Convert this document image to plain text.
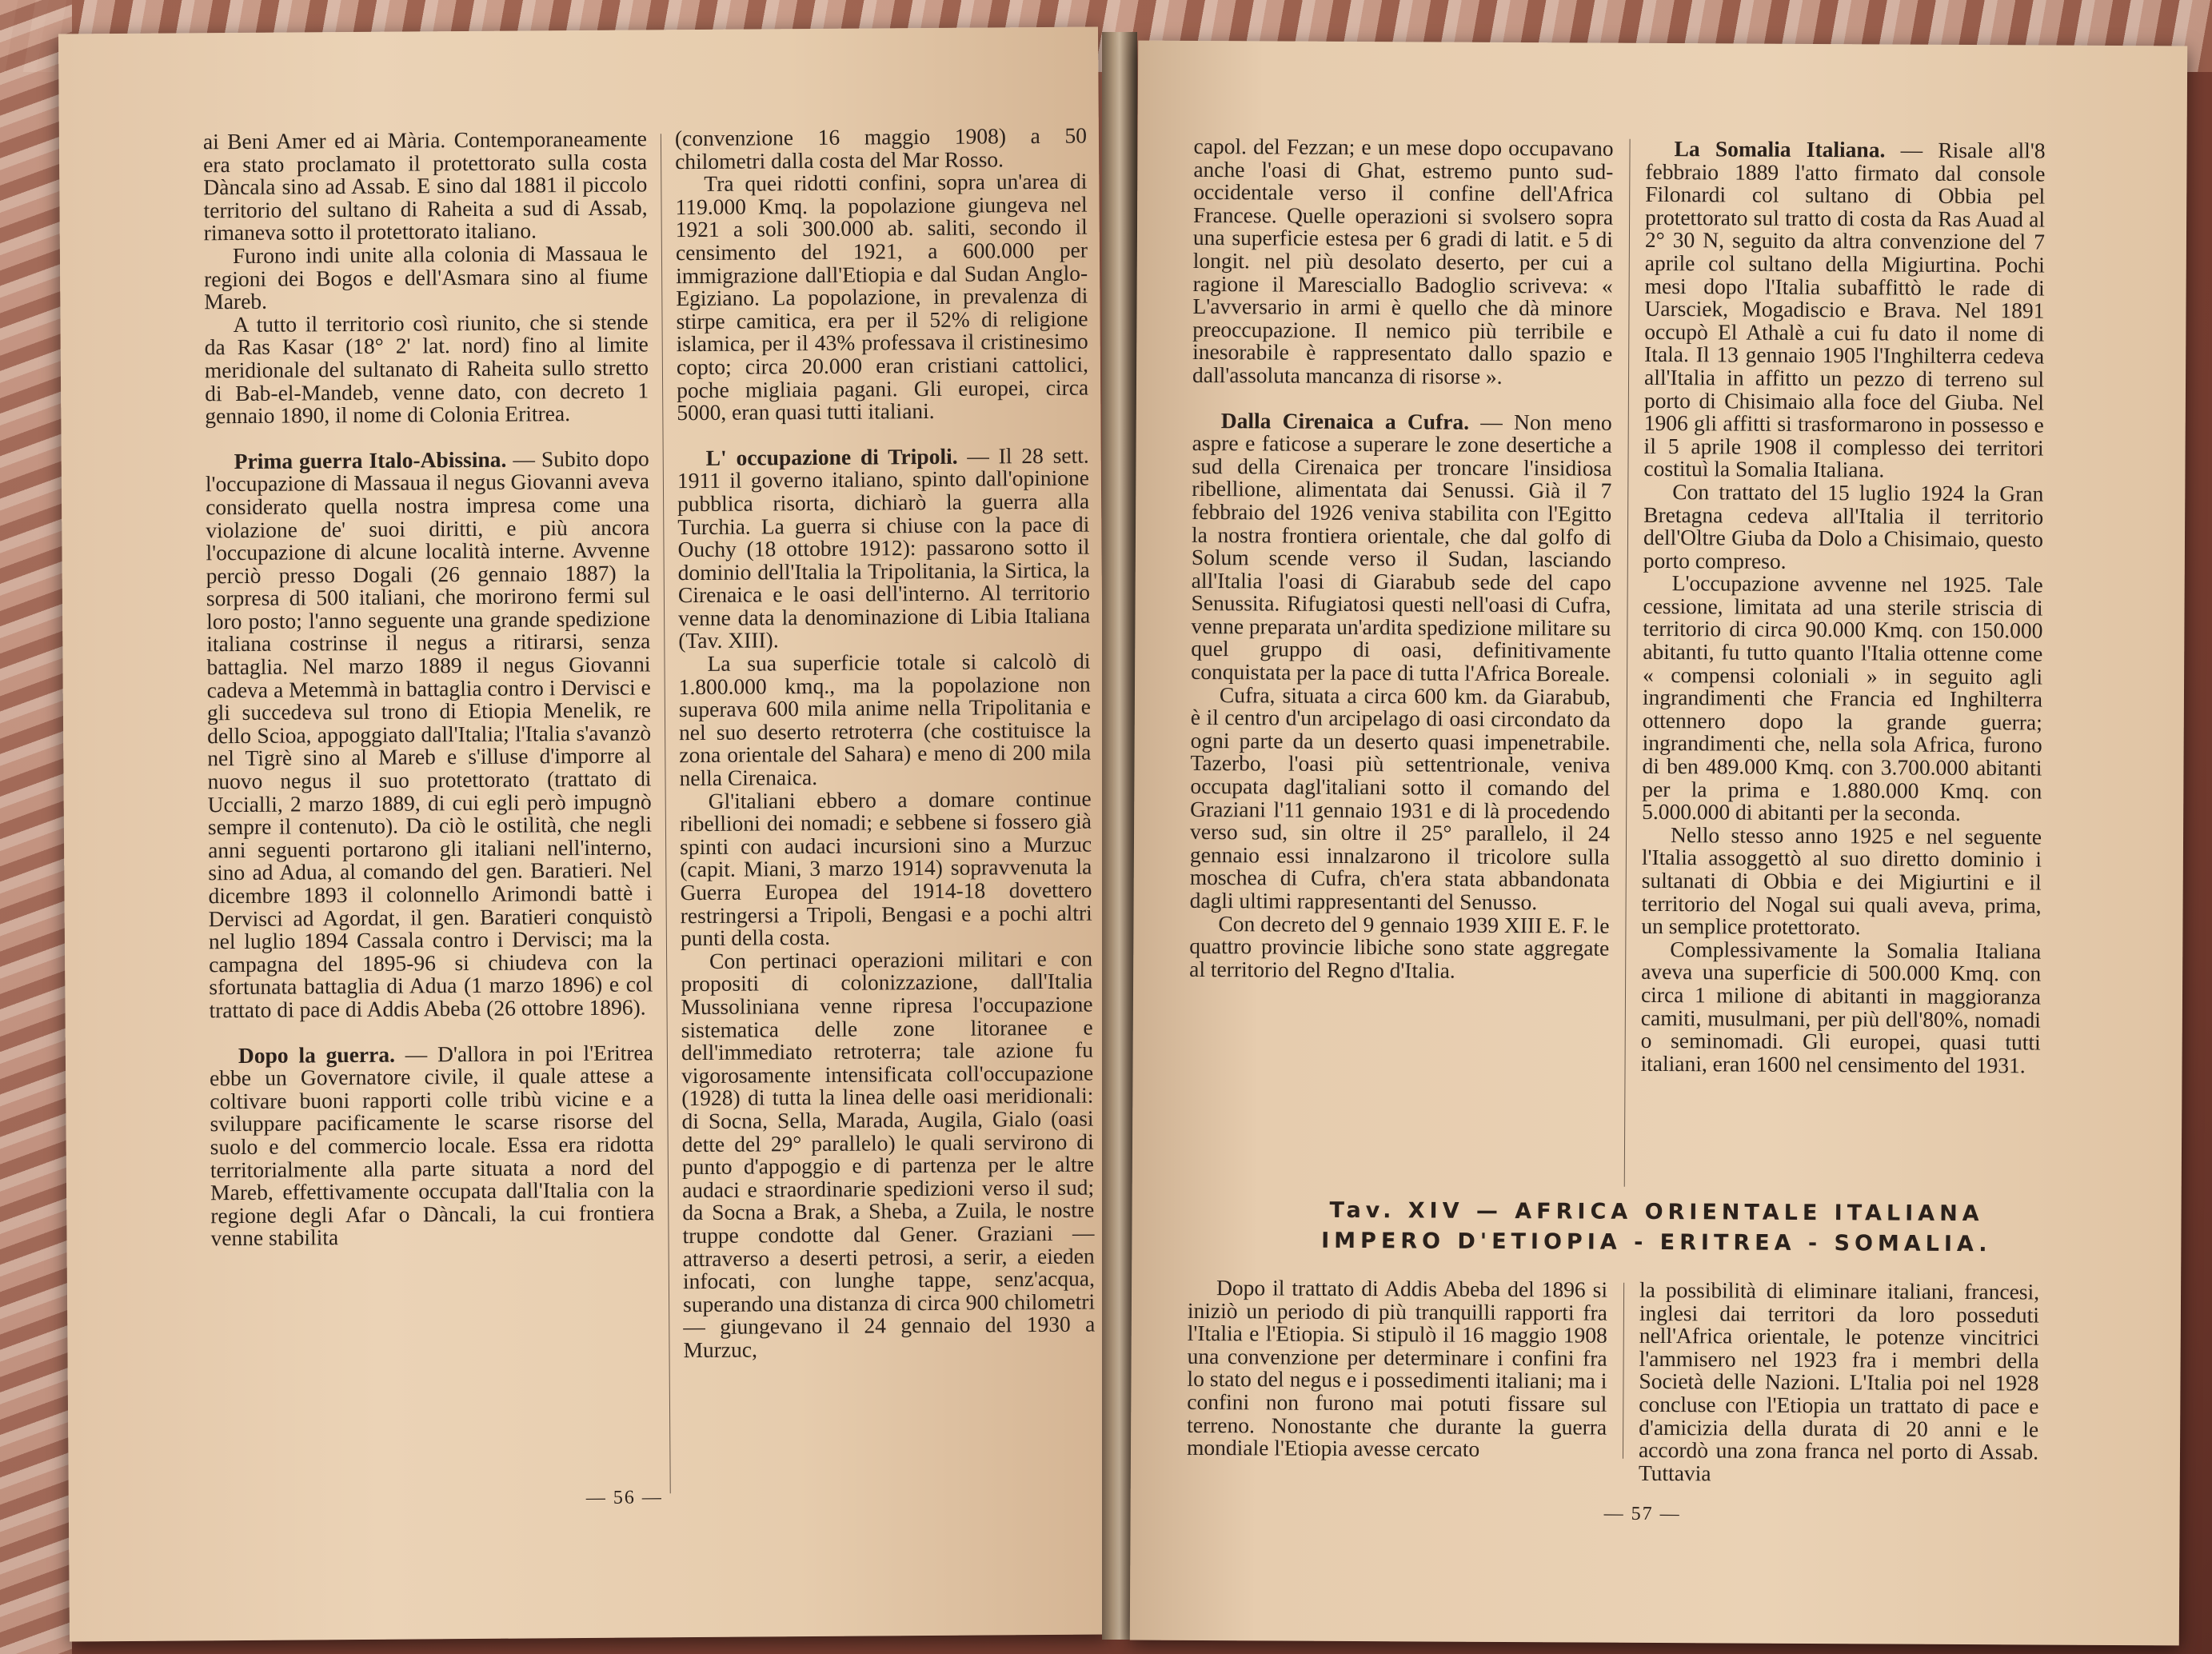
ai Beni Amer ed ai Mària. Contemporaneamente era stato proclamato il protettorato sulla costa Dàncala sino ad Assab. E sino dal 1881 il piccolo territorio del sultano di Raheita a sud di Assab, rimaneva sotto il protettorato italiano.

Furono indi unite alla colonia di Massaua le regioni dei Bogos e dell'Asmara sino al fiume Mareb.

A tutto il territorio così riunito, che si stende da Ras Kasar (18° 2' lat. nord) fino al limite meridionale del sultanato di Raheita sullo stretto di Bab-el-Mandeb, venne dato, con decreto 1 gennaio 1890, il nome di Colonia Eritrea.

Prima guerra Italo-Abissina. — Subito dopo l'occupazione di Massaua il negus Giovanni aveva considerato quella nostra impresa come una violazione de' suoi diritti, e più ancora l'occupazione di alcune località interne. Avvenne perciò presso Dogali (26 gennaio 1887) la sorpresa di 500 italiani, che morirono fermi sul loro posto; l'anno seguente una grande spedizione italiana costrinse il negus a ritirarsi, senza battaglia. Nel marzo 1889 il negus Giovanni cadeva a Metemmà in battaglia contro i Dervisci e gli succedeva sul trono di Etiopia Menelik, re dello Scioa, appoggiato dall'Italia; l'Italia s'avanzò nel Tigrè sino al Mareb e s'illuse d'imporre al nuovo negus il suo protettorato (trattato di Uccialli, 2 marzo 1889, di cui egli però impugnò sempre il contenuto). Da ciò le ostilità, che negli anni seguenti portarono gli italiani nell'interno, sino ad Adua, al comando del gen. Baratieri. Nel dicembre 1893 il colonnello Arimondi battè i Dervisci ad Agordat, il gen. Baratieri conquistò nel luglio 1894 Cassala contro i Dervisci; ma la campagna del 1895-96 si chiudeva con la sfortunata battaglia di Adua (1 marzo 1896) e col trattato di pace di Addis Abeba (26 ottobre 1896).

Dopo la guerra. — D'allora in poi l'Eritrea ebbe un Governatore civile, il quale attese a coltivare buoni rapporti colle tribù vicine e a sviluppare pacificamente le scarse risorse del suolo e del commercio locale. Essa era ridotta territorialmente alla parte situata a nord del Mareb, effettivamente occupata dall'Italia con la regione degli Afar o Dàncali, la cui frontiera venne stabilita

(convenzione 16 maggio 1908) a 50 chilometri dalla costa del Mar Rosso.

Tra quei ridotti confini, sopra un'area di 119.000 Kmq. la popolazione giungeva nel 1921 a soli 300.000 ab. saliti, secondo il censimento del 1921, a 600.000 per immigrazione dall'Etiopia e dal Sudan Anglo-Egiziano. La popolazione, in prevalenza di stirpe camitica, era per il 52% di religione islamica, per il 43% professava il cristinesimo copto; circa 20.000 eran cristiani cattolici, poche migliaia pagani. Gli europei, circa 5000, eran quasi tutti italiani.

L' occupazione di Tripoli. — Il 28 sett. 1911 il governo italiano, spinto dall'opinione pubblica risorta, dichiarò la guerra alla Turchia. La guerra si chiuse con la pace di Ouchy (18 ottobre 1912): passarono sotto il dominio dell'Italia la Tripolitania, la Sirtica, la Cirenaica e le oasi dell'interno. Al territorio venne data la denominazione di Libia Italiana (Tav. XIII).

La sua superficie totale si calcolò di 1.800.000 kmq., ma la popolazione non superava 600 mila anime nella Tripolitania e nel suo deserto retroterra (che costituisce la zona orientale del Sahara) e meno di 200 mila nella Cirenaica.

Gl'italiani ebbero a domare continue ribellioni dei nomadi; e sebbene si fossero già spinti con audaci incursioni sino a Murzuc (capit. Miani, 3 marzo 1914) sopravvenuta la Guerra Europea del 1914-18 dovettero restringersi a Tripoli, Bengasi e a pochi altri punti della costa.

Con pertinaci operazioni militari e con propositi di colonizzazione, dall'Italia Mussoliniana venne ripresa l'occupazione sistematica delle zone litoranee e dell'immediato retroterra; tale azione fu vigorosamente intensificata coll'occupazione (1928) di tutta la linea delle oasi meridionali: di Socna, Sella, Marada, Augila, Gialo (oasi dette del 29° parallelo) le quali servirono di punto d'appoggio e di partenza per le altre audaci e straordinarie spedizioni verso il sud; da Socna a Brak, a Sheba, a Zuila, le nostre truppe condotte dal Gener. Graziani — attraverso a deserti petrosi, a serir, a eieden infocati, con lunghe tappe, senz'acqua, superando una distanza di circa 900 chilometri — giungevano il 24 gennaio del 1930 a Murzuc,

— 56 —

capol. del Fezzan; e un mese dopo occupavano anche l'oasi di Ghat, estremo punto sud-occidentale verso il confine dell'Africa Francese. Quelle operazioni si svolsero sopra una superficie estesa per 6 gradi di latit. e 5 di longit. nel più desolato deserto, per cui a ragione il Maresciallo Badoglio scriveva: « L'avversario in armi è quello che dà minore preoccupazione. Il nemico più terribile e inesorabile è rappresentato dallo spazio e dall'assoluta mancanza di risorse ».

Dalla Cirenaica a Cufra. — Non meno aspre e faticose a superare le zone desertiche a sud della Cirenaica per troncare l'insidiosa ribellione, alimentata dai Senussi. Già il 7 febbraio del 1926 veniva stabilita con l'Egitto la nostra frontiera orientale, che dal golfo di Solum scende verso il Sudan, lasciando all'Italia l'oasi di Giarabub sede del capo Senussita. Rifugiatosi questi nell'oasi di Cufra, venne preparata un'ardita spedizione militare su quel gruppo di oasi, definitivamente conquistata per la pace di tutta l'Africa Boreale.

Cufra, situata a circa 600 km. da Giarabub, è il centro d'un arcipelago di oasi circondato da ogni parte da un deserto quasi impenetrabile. Tazerbo, l'oasi più settentrionale, veniva occupata dagl'italiani sotto il comando del Graziani l'11 gennaio 1931 e di là procedendo verso sud, sin oltre il 25° parallelo, il 24 gennaio essi innalzarono il tricolore sulla moschea di Cufra, ch'era stata abbandonata dagli ultimi rappresentanti del Senusso.

Con decreto del 9 gennaio 1939 XIII E. F. le quattro provincie libiche sono state aggregate al territorio del Regno d'Italia.

La Somalia Italiana. — Risale all'8 febbraio 1889 l'atto firmato dal console Filonardi col sultano di Obbia pel protettorato sul tratto di costa da Ras Auad al 2° 30 N, seguito da altra convenzione del 7 aprile col sultano della Migiurtina. Pochi mesi dopo l'Italia subaffittò le rade di Uarsciek, Mogadiscio e Brava. Nel 1891 occupò El Athalè a cui fu dato il nome di Itala. Il 13 gennaio 1905 l'Inghilterra cedeva all'Italia in affitto un pezzo di terreno sul porto di Chisimaio alla foce del Giuba. Nel 1906 gli affitti si trasformarono in possesso e il 5 aprile 1908 il complesso dei territori costituì la Somalia Italiana.

Con trattato del 15 luglio 1924 la Gran Bretagna cedeva all'Italia il territorio dell'Oltre Giuba da Dolo a Chisimaio, questo porto compreso.

L'occupazione avvenne nel 1925. Tale cessione, limitata ad una sterile striscia di territorio di circa 90.000 Kmq. con 150.000 abitanti, fu tutto quanto l'Italia ottenne come « compensi coloniali » in seguito agli ingrandimenti che Francia ed Inghilterra ottennero dopo la grande guerra; ingrandimenti che, nella sola Africa, furono di ben 489.000 Kmq. con 3.700.000 abitanti per la prima e 1.880.000 Kmq. con 5.000.000 di abitanti per la seconda.

Nello stesso anno 1925 e nel seguente l'Italia assoggettò al suo diretto dominio i sultanati di Obbia e dei Migiurtini e il territorio del Nogal sui quali aveva, prima, un semplice protettorato.

Complessivamente la Somalia Italiana aveva una superficie di 500.000 Kmq. con circa 1 milione di abitanti in maggioranza camiti, musulmani, per più dell'80%, nomadi o seminomadi. Gli europei, quasi tutti italiani, eran 1600 nel censimento del 1931.

Tav. XIV — AFRICA ORIENTALE ITALIANA
IMPERO D'ETIOPIA - ERITREA - SOMALIA.

Dopo il trattato di Addis Abeba del 1896 si iniziò un periodo di più tranquilli rapporti fra l'Italia e l'Etiopia. Si stipulò il 16 maggio 1908 una convenzione per determinare i confini fra lo stato del negus e i possedimenti italiani; ma i confini non furono mai potuti fissare sul terreno. Nonostante che durante la guerra mondiale l'Etiopia avesse cercato

la possibilità di eliminare italiani, francesi, inglesi dai territori da loro posseduti nell'Africa orientale, le potenze vincitrici l'ammisero nel 1923 fra i membri della Società delle Nazioni. L'Italia poi nel 1928 concluse con l'Etiopia un trattato di pace e d'amicizia della durata di 20 anni e le accordò una zona franca nel porto di Assab. Tuttavia

— 57 —
